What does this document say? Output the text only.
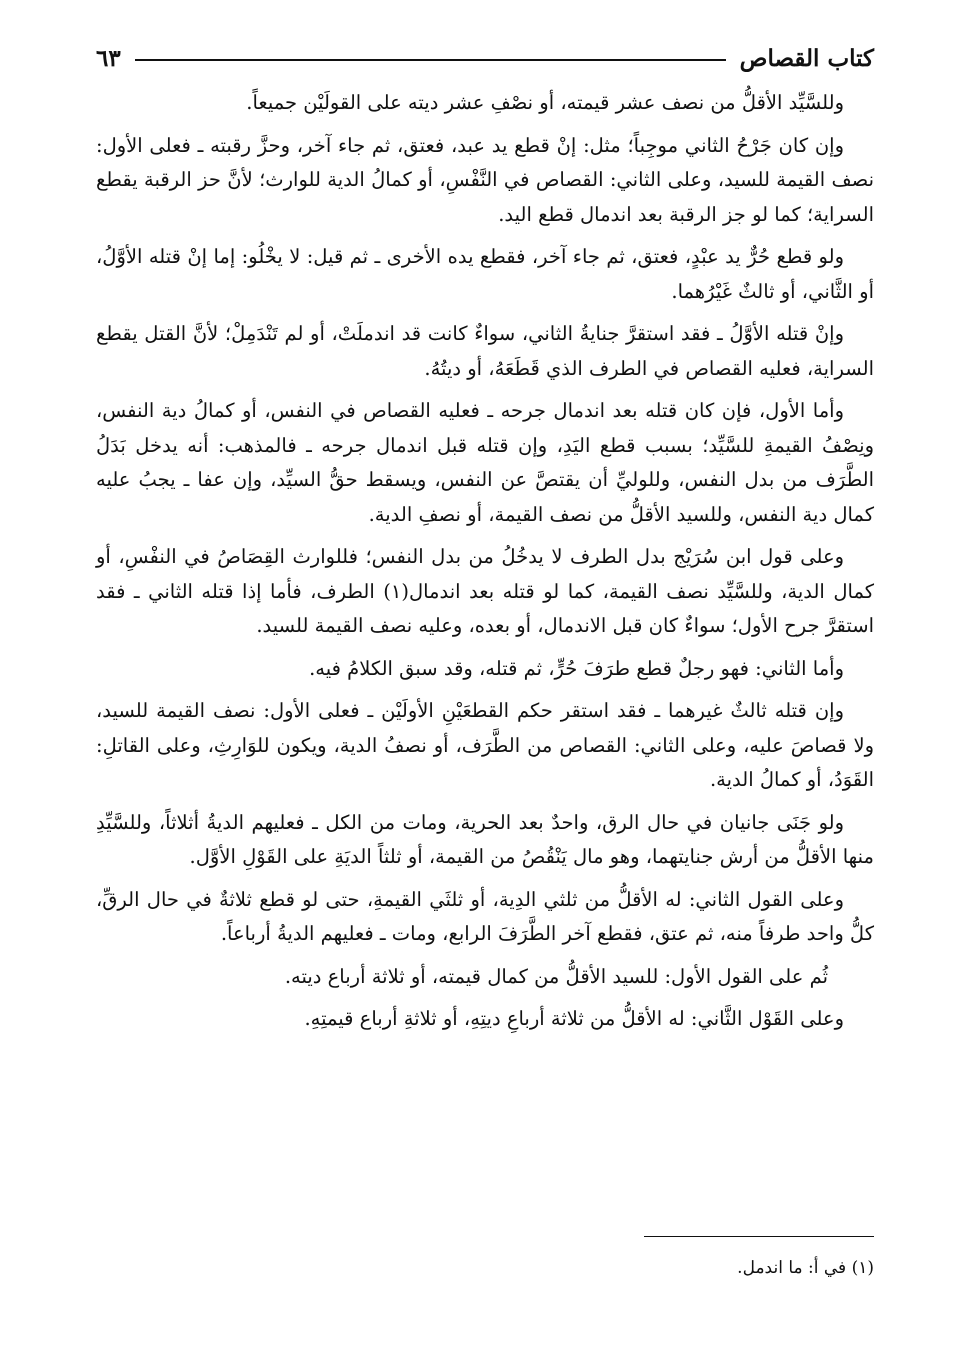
كتاب القصاص
٦٣

وللسَّيِّد الأقلُّ من نصف عشر قيمته، أو نصْفِ عشر ديته على القولَيْن جميعاً.

وإن كان جَرْحُ الثاني موجِباً؛ مثل: إنْ قطع يد عبد، فعتق، ثم جاء آخر، وحزَّ رقبته ـ فعلى الأول: نصف القيمة للسيد، وعلى الثاني: القصاص في النَّفْسِ، أو كمالُ الدية للوارث؛ لأنَّ حز الرقبة يقطع السراية؛ كما لو جز الرقبة بعد اندمال قطع اليد.

ولو قطع حُرٌّ يد عبْدٍ، فعتق، ثم جاء آخر، فقطع يده الأخرى ـ ثم قيل: لا يخْلُو: إما إنْ قتله الأوَّلُ، أو الثَّاني، أو ثالثٌ غَيْرُهما.

وإنْ قتله الأوَّلُ ـ فقد استقرَّ جنايةُ الثاني، سواءٌ كانت قد اندملَتْ، أو لم تَنْدَمِلْ؛ لأنَّ القتل يقطع السراية، فعليه القصاص في الطرف الذي قَطَعَهُ، أو ديتُهُ.

وأما الأول، فإن كان قتله بعد اندمال جرحه ـ فعليه القصاص في النفس، أو كمالُ دية النفس، ونِصْفُ القيمةِ للسَّيِّد؛ بسبب قطع اليَدِ، وإن قتله قبل اندمال جرحه ـ فالمذهب: أنه يدخل بَدَلُ الطَّرَف من بدل النفس، وللوليِّ أن يقتصَّ عن النفس، ويسقط حقُّ السيِّد، وإن عفا ـ يجبُ عليه كمال دية النفس، وللسيد الأقلُّ من نصف القيمة، أو نصفِ الدية.

وعلى قول ابن سُرَيْج بدل الطرف لا يدخُلُ من بدل النفس؛ فللوارث القِصَاصُ في النفْسِ، أو كمال الدية، وللسَّيِّد نصف القيمة، كما لو قتله بعد اندمال(١) الطرف، فأما إذا قتله الثاني ـ فقد استقرَّ جرح الأول؛ سواءٌ كان قبل الاندمال، أو بعده، وعليه نصف القيمة للسيد.

وأما الثاني: فهو رجلٌ قطع طرَفَ حُرٍّ، ثم قتله، وقد سبق الكلامُ فيه.

وإن قتله ثالثٌ غيرهما ـ فقد استقر حكم القطعَيْنِ الأولَيْن ـ فعلى الأول: نصف القيمة للسيد، ولا قصاصَ عليه، وعلى الثاني: القصاص من الطَّرَف، أو نصفُ الدية، ويكون للوَارِثِ، وعلى القاتلِ: القَوَدُ، أو كمالُ الدية.

ولو جَنَى جانيان في حال الرق، واحدٌ بعد الحرية، ومات من الكل ـ فعليهم الديةُ أثلاثاً، وللسَّيِّدِ منها الأقلُّ من أرش جنايتهما، وهو مال يَنْقُصُ من القيمة، أو ثلثاً الديَةِ على القَوْلِ الأوَّل.

وعلى القول الثاني: له الأقلُّ من ثلثي الدِية، أو ثلثَي القيمةِ، حتى لو قطع ثلاثةٌ في حال الرقِّ، كلُّ واحد طرفاً منه، ثم عتق، فقطع آخر الطَّرَفَ الرابع، ومات ـ فعليهم الديةُ أرباعاً.

ثُم على القول الأول: للسيد الأقلُّ من كمال قيمته، أو ثلاثة أرباع ديته.

وعلى القَوْل الثَّاني: له الأقلُّ من ثلاثة أرباعِ ديتِهِ، أو ثلاثةِ أرباع قيمتِهِ.

(١) في أ: ما اندمل.
